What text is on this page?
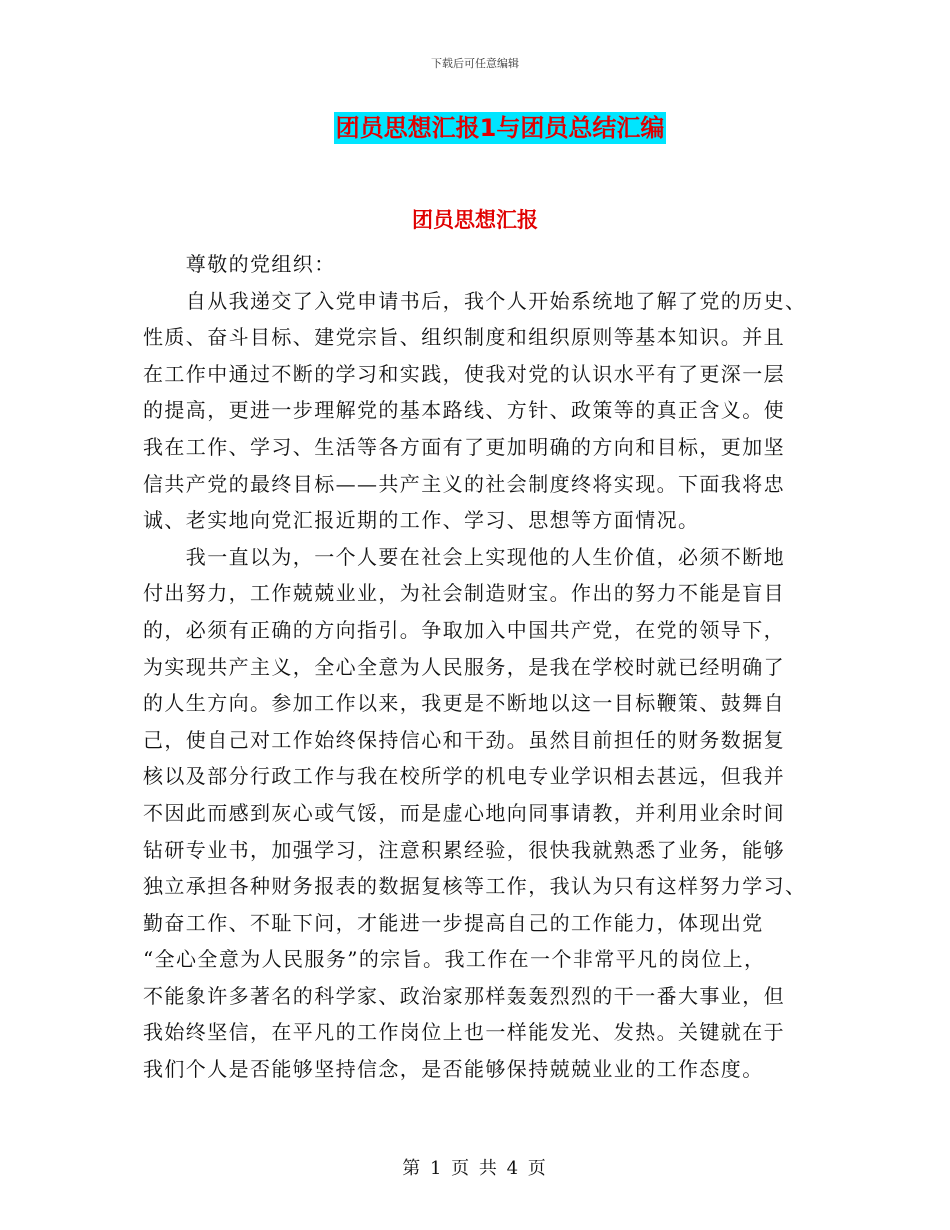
下载后可任意编辑
团员思想汇报1与团员总结汇编
团员思想汇报
　　尊敬的党组织：
　　自从我递交了入党申请书后，我个人开始系统地了解了党的历史、
性质、奋斗目标、建党宗旨、组织制度和组织原则等基本知识。并且
在工作中通过不断的学习和实践，使我对党的认识水平有了更深一层
的提高，更进一步理解党的基本路线、方针、政策等的真正含义。使
我在工作、学习、生活等各方面有了更加明确的方向和目标，更加坚
信共产党的最终目标——共产主义的社会制度终将实现。下面我将忠
诚、老实地向党汇报近期的工作、学习、思想等方面情况。
　　我一直以为，一个人要在社会上实现他的人生价值，必须不断地
付出努力，工作兢兢业业，为社会制造财宝。作出的努力不能是盲目
的，必须有正确的方向指引。争取加入中国共产党，在党的领导下，
为实现共产主义，全心全意为人民服务，是我在学校时就已经明确了
的人生方向。参加工作以来，我更是不断地以这一目标鞭策、鼓舞自
己，使自己对工作始终保持信心和干劲。虽然目前担任的财务数据复
核以及部分行政工作与我在校所学的机电专业学识相去甚远，但我并
不因此而感到灰心或气馁，而是虚心地向同事请教，并利用业余时间
钻研专业书，加强学习，注意积累经验，很快我就熟悉了业务，能够
独立承担各种财务报表的数据复核等工作，我认为只有这样努力学习、
勤奋工作、不耻下问，才能进一步提高自己的工作能力，体现出党
“全心全意为人民服务”的宗旨。我工作在一个非常平凡的岗位上，
不能象许多著名的科学家、政治家那样轰轰烈烈的干一番大事业，但
我始终坚信，在平凡的工作岗位上也一样能发光、发热。关键就在于
我们个人是否能够坚持信念，是否能够保持兢兢业业的工作态度。
第 1 页 共 4 页
